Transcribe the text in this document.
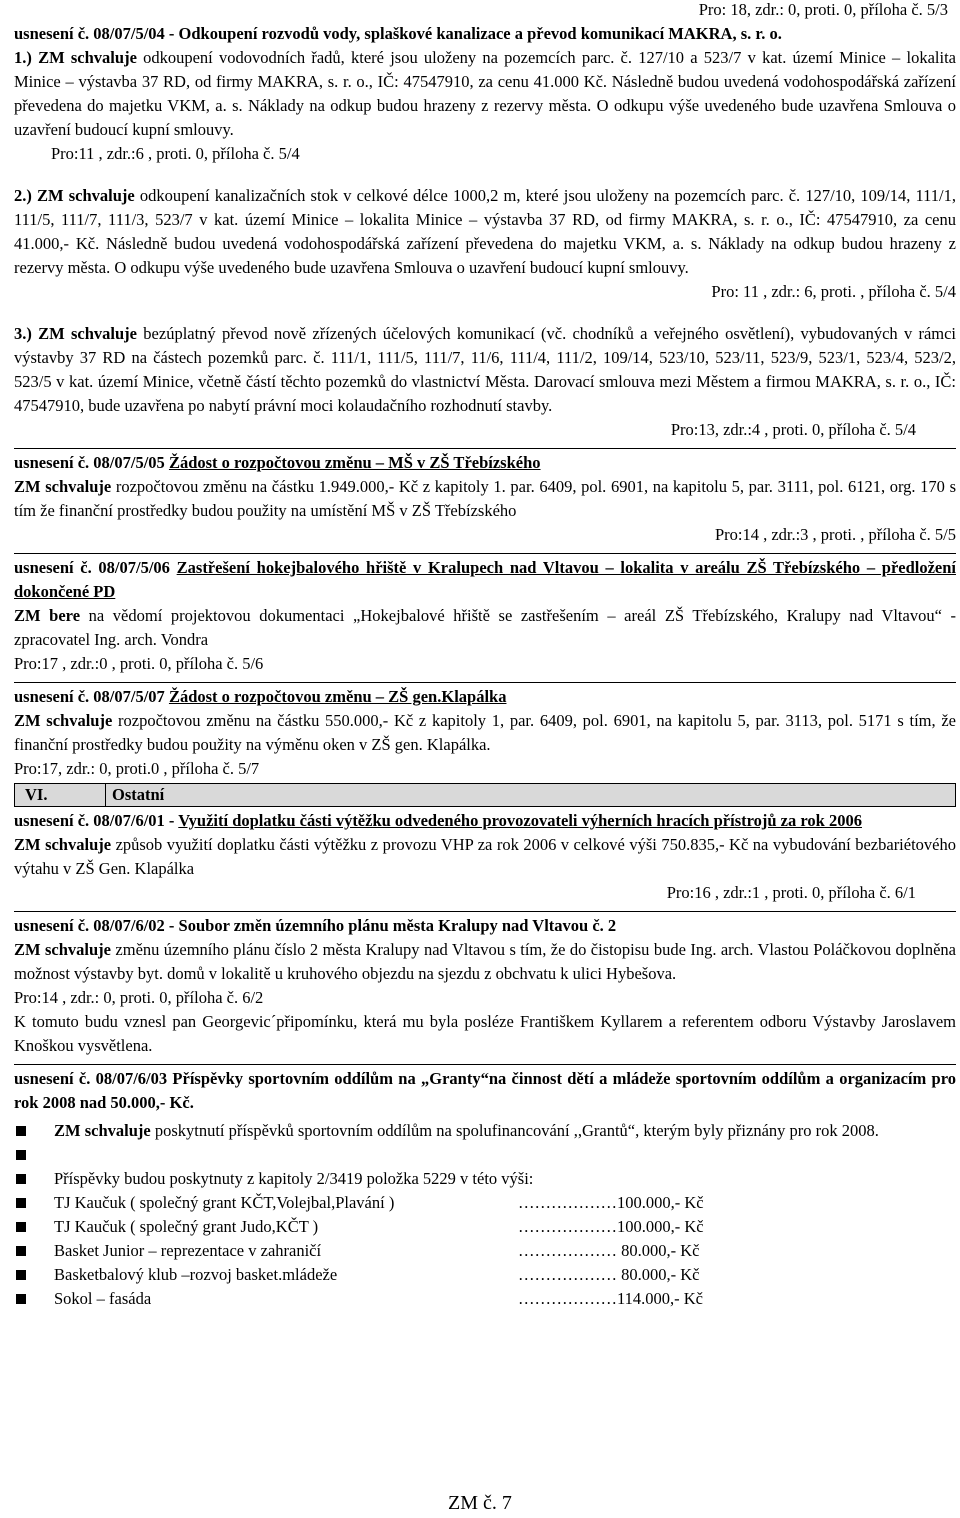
Pro: 18, zdr.: 0, proti. 0, příloha č. 5/3

usnesení č. 08/07/5/04 - Odkoupení rozvodů vody, splaškové kanalizace a převod komunikací MAKRA, s. r. o.

1.) ZM schvaluje odkoupení vodovodních řadů, které jsou uloženy na pozemcích parc. č. 127/10 a 523/7 v kat. území Minice – lokalita Minice – výstavba 37 RD, od firmy MAKRA, s. r. o., IČ: 47547910, za cenu 41.000 Kč. Následně budou uvedená vodohospodářská zařízení převedena do majetku VKM, a. s. Náklady na odkup budou hrazeny z rezervy města. O odkupu výše uvedeného bude uzavřena Smlouva o uzavření budoucí kupní smlouvy.

Pro:11 , zdr.:6 , proti. 0, příloha č. 5/4

2.) ZM schvaluje odkoupení kanalizačních stok v celkové délce 1000,2 m, které jsou uloženy na pozemcích parc. č. 127/10, 109/14, 111/1, 111/5, 111/7, 111/3, 523/7 v kat. území Minice – lokalita Minice – výstavba 37 RD, od firmy MAKRA, s. r. o., IČ: 47547910, za cenu 41.000,- Kč. Následně budou uvedená vodohospodářská zařízení převedena do majetku VKM, a. s. Náklady na odkup budou hrazeny z rezervy města. O odkupu výše uvedeného bude uzavřena Smlouva o uzavření budoucí kupní smlouvy.

Pro: 11 , zdr.: 6, proti. , příloha č. 5/4

3.) ZM schvaluje bezúplatný převod nově zřízených účelových komunikací (vč. chodníků a veřejného osvětlení), vybudovaných v rámci výstavby 37 RD na částech pozemků parc. č. 111/1, 111/5, 111/7, 11/6, 111/4, 111/2, 109/14, 523/10, 523/11, 523/9, 523/1, 523/4, 523/2, 523/5 v kat. území Minice, včetně částí těchto pozemků do vlastnictví Města. Darovací smlouva mezi Městem a firmou MAKRA, s. r. o., IČ: 47547910, bude uzavřena po nabytí právní moci kolaudačního rozhodnutí stavby.

Pro:13, zdr.:4 , proti. 0, příloha č. 5/4

usnesení č. 08/07/5/05 Žádost o rozpočtovou změnu – MŠ v ZŠ Třebízského

ZM schvaluje rozpočtovou změnu na částku 1.949.000,- Kč z kapitoly 1. par. 6409, pol. 6901, na kapitolu 5, par. 3111, pol. 6121, org. 170 s tím že finanční prostředky budou použity na umístění MŠ v ZŠ Třebízského

Pro:14 , zdr.:3 , proti. , příloha č. 5/5

usnesení č. 08/07/5/06 Zastřešení hokejbalového hřiště v Kralupech nad Vltavou – lokalita v areálu ZŠ Třebízského – předložení dokončené PD

ZM bere na vědomí projektovou dokumentaci „Hokejbalové hřiště se zastřešením – areál ZŠ Třebízského, Kralupy nad Vltavou“ - zpracovatel Ing. arch. Vondra

Pro:17 , zdr.:0 , proti. 0, příloha č. 5/6

usnesení č. 08/07/5/07 Žádost o rozpočtovou změnu – ZŠ gen.Klapálka

ZM schvaluje rozpočtovou změnu na částku 550.000,- Kč z kapitoly 1, par. 6409, pol. 6901, na kapitolu 5, par. 3113, pol. 5171 s tím, že finanční prostředky budou použity na výměnu oken v ZŠ gen. Klapálka.

Pro:17, zdr.: 0, proti.0 , příloha č. 5/7

VI.	Ostatní

usnesení č. 08/07/6/01 - Využití doplatku části výtěžku odvedeného provozovateli výherních hracích přístrojů za rok 2006

ZM schvaluje způsob využití doplatku části výtěžku z provozu VHP za rok 2006 v celkové výši 750.835,- Kč na vybudování bezbariétového výtahu v ZŠ Gen. Klapálka

Pro:16 , zdr.:1 , proti. 0, příloha č. 6/1

usnesení č. 08/07/6/02 - Soubor změn územního plánu města Kralupy nad Vltavou č. 2

ZM schvaluje změnu územního plánu číslo 2 města Kralupy nad Vltavou s tím, že do čistopisu bude Ing. arch. Vlastou Poláčkovou doplněna možnost výstavby byt. domů v lokalitě u kruhového objezdu na sjezdu z obchvatu k ulici Hybešova.

Pro:14 , zdr.: 0, proti. 0, příloha č. 6/2

K tomuto budu vznesl pan Georgevic´připomínku, která mu byla posléze Františkem Kyllarem a referentem odboru Výstavby Jaroslavem Knoškou vysvětlena.

usnesení č. 08/07/6/03 Příspěvky sportovním oddílům na „Granty“na činnost dětí a mládeže sportovním oddílům a organizacím pro rok 2008 nad 50.000,- Kč.

ZM schvaluje poskytnutí příspěvků sportovním oddílům na spolufinancování ,,Grantů“, kterým byly přiznány pro rok 2008.

Příspěvky budou poskytnuty z kapitoly 2/3419 položka 5229 v této výši:
TJ Kaučuk ( společný grant KČT,Volejbal,Plavání )	………………100.000,- Kč
TJ Kaučuk ( společný grant Judo,KČT )	………………100.000,- Kč
Basket Junior – reprezentace v zahraničí	……………… 80.000,- Kč
Basketbalový klub –rozvoj basket.mládeže	……………… 80.000,- Kč
Sokol – fasáda	………………114.000,- Kč
ZM č. 7
